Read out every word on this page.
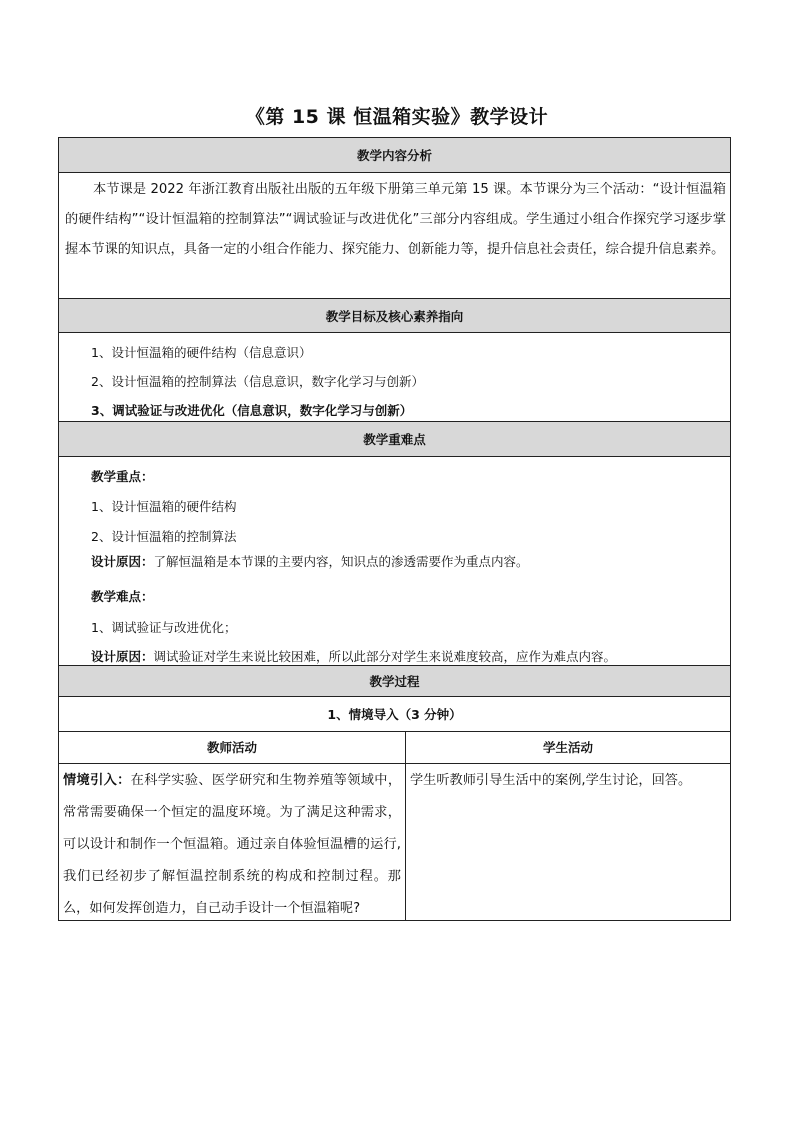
《第 15 课 恒温箱实验》教学设计
教学内容分析
本节课是 2022 年浙江教育出版社出版的五年级下册第三单元第 15 课。本节课分为三个活动：“设计恒温箱的硬件结构”“设计恒温箱的控制算法”“调试验证与改进优化”三部分内容组成。学生通过小组合作探究学习逐步掌握本节课的知识点，具备一定的小组合作能力、探究能力、创新能力等，提升信息社会责任，综合提升信息素养。
教学目标及核心素养指向
1、设计恒温箱的硬件结构（信息意识）
2、设计恒温箱的控制算法（信息意识，数字化学习与创新）
3、调试验证与改进优化（信息意识，数字化学习与创新）
教学重难点
教学重点：
1、设计恒温箱的硬件结构
2、设计恒温箱的控制算法
设计原因：了解恒温箱是本节课的主要内容，知识点的渗透需要作为重点内容。
教学难点：
1、调试验证与改进优化；
设计原因：调试验证对学生来说比较困难，所以此部分对学生来说难度较高，应作为难点内容。
教学过程
1、情境导入（3 分钟）
教师活动	学生活动
情境引入：在科学实验、医学研究和生物养殖等领域中，常常需要确保一个恒定的温度环境。为了满足这种需求，可以设计和制作一个恒温箱。通过亲自体验恒温槽的运行,我们已经初步了解恒温控制系统的构成和控制过程。那么，如何发挥创造力，自己动手设计一个恒温箱呢?
学生听教师引导生活中的案例,学生讨论，回答。
